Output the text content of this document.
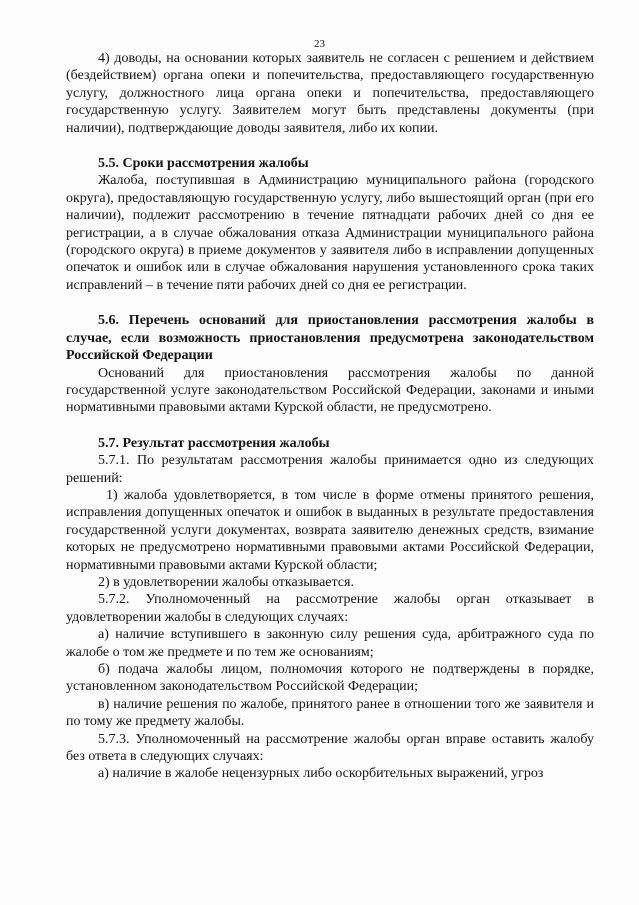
23

4) доводы, на основании которых заявитель не согласен с решением и действием (бездействием) органа опеки и попечительства, предоставляющего государственную услугу, должностного лица органа опеки и попечительства, предоставляющего государственную услугу. Заявителем могут быть представлены документы (при наличии), подтверждающие доводы заявителя, либо их копии.

5.5. Сроки рассмотрения жалобы

Жалоба, поступившая в Администрацию муниципального района (городского округа), предоставляющую государственную услугу, либо вышестоящий орган (при его наличии), подлежит рассмотрению в течение пятнадцати рабочих дней со дня ее регистрации, а в случае обжалования отказа Администрации муниципального района (городского округа) в приеме документов у заявителя либо в исправлении допущенных опечаток и ошибок или в случае обжалования нарушения установленного срока таких исправлений – в течение пяти рабочих дней со дня ее регистрации.

5.6. Перечень оснований для приостановления рассмотрения жалобы в случае, если возможность приостановления предусмотрена законодательством Российской Федерации

Оснований для приостановления рассмотрения жалобы по данной государственной услуге законодательством Российской Федерации, законами и иными нормативными правовыми актами Курской области, не предусмотрено.

5.7. Результат рассмотрения жалобы

5.7.1. По результатам рассмотрения жалобы принимается одно из следующих решений:

1) жалоба удовлетворяется, в том числе в форме отмены принятого решения, исправления допущенных опечаток и ошибок в выданных в результате предоставления государственной услуги документах, возврата заявителю денежных средств, взимание которых не предусмотрено нормативными правовыми актами Российской Федерации, нормативными правовыми актами Курской области;

2) в удовлетворении жалобы отказывается.

5.7.2. Уполномоченный на рассмотрение жалобы орган отказывает в удовлетворении жалобы в следующих случаях:

а) наличие вступившего в законную силу решения суда, арбитражного суда по жалобе о том же предмете и по тем же основаниям;

б) подача жалобы лицом, полномочия которого не подтверждены в порядке, установленном законодательством Российской Федерации;

в) наличие решения по жалобе, принятого ранее в отношении того же заявителя и по тому же предмету жалобы.

5.7.3. Уполномоченный на рассмотрение жалобы орган вправе оставить жалобу без ответа в следующих случаях:

а) наличие в жалобе нецензурных либо оскорбительных выражений, угроз
